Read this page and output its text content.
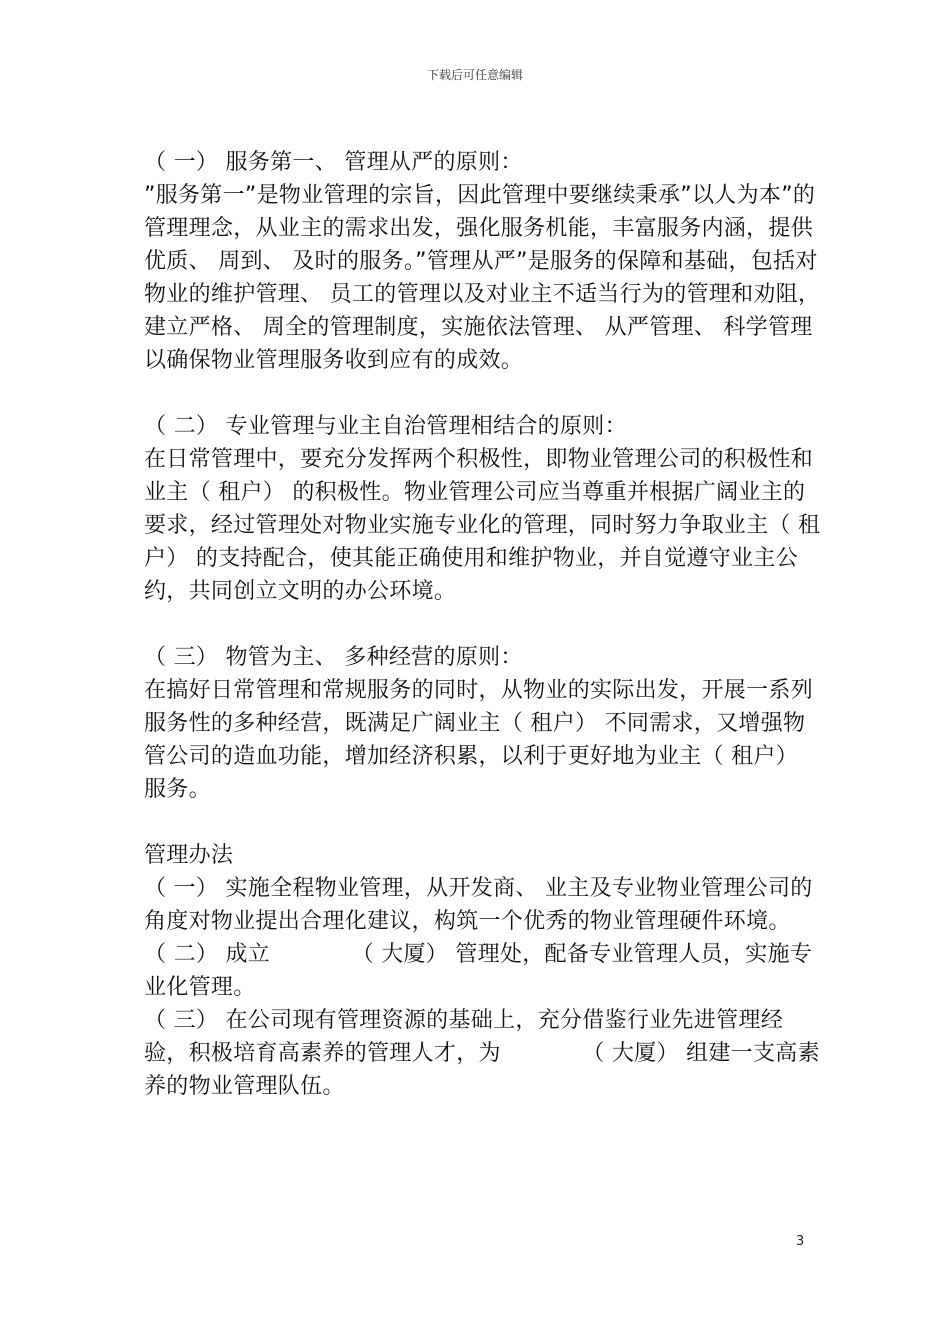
下载后可任意编辑
（ 一） 服务第一、 管理从严的原则：
”服务第一”是物业管理的宗旨，因此管理中要继续秉承”以人为本”的管理理念，从业主的需求出发，强化服务机能，丰富服务内涵，提供优质、 周到、 及时的服务。”管理从严”是服务的保障和基础，包括对物业的维护管理、 员工的管理以及对业主不适当行为的管理和劝阻，建立严格、 周全的管理制度，实施依法管理、 从严管理、 科学管理以确保物业管理服务收到应有的成效。
（ 二） 专业管理与业主自治管理相结合的原则：
在日常管理中，要充分发挥两个积极性，即物业管理公司的积极性和业主（ 租户） 的积极性。物业管理公司应当尊重并根据广阔业主的要求，经过管理处对物业实施专业化的管理，同时努力争取业主（ 租户） 的支持配合，使其能正确使用和维护物业，并自觉遵守业主公约，共同创立文明的办公环境。
（ 三） 物管为主、 多种经营的原则：
在搞好日常管理和常规服务的同时，从物业的实际出发，开展一系列服务性的多种经营，既满足广阔业主（ 租户） 不同需求，又增强物管公司的造血功能，增加经济积累，以利于更好地为业主（ 租户） 服务。
管理办法
（ 一） 实施全程物业管理，从开发商、 业主及专业物业管理公司的角度对物业提出合理化建议，构筑一个优秀的物业管理硬件环境。
（ 二） 成立 　　　 （ 大厦） 管理处，配备专业管理人员，实施专业化管理。
（ 三） 在公司现有管理资源的基础上，充分借鉴行业先进管理经验，积极培育高素养的管理人才，为 　　　 （ 大厦） 组建一支高素养的物业管理队伍。
3
